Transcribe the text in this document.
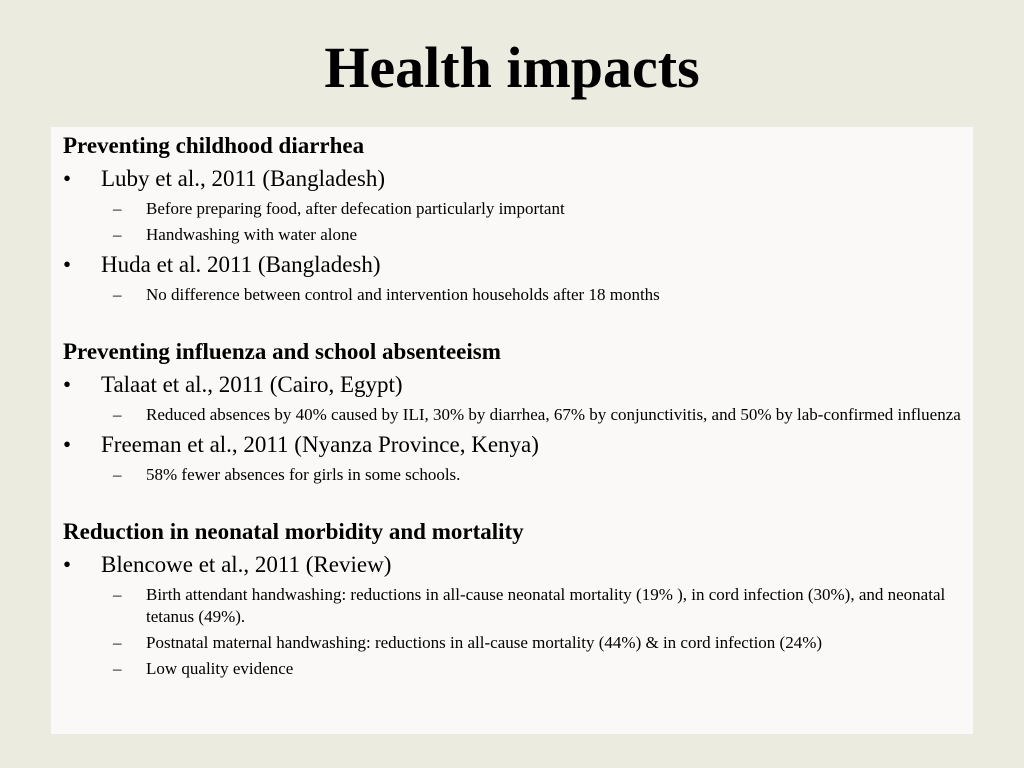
Health impacts
Preventing childhood diarrhea
•	Luby et al., 2011 (Bangladesh)
– Before preparing food, after defecation particularly important
– Handwashing with water alone
•	Huda et al. 2011 (Bangladesh)
– No difference between control and intervention households after 18 months
Preventing influenza and school absenteeism
•	Talaat et al., 2011 (Cairo, Egypt)
– Reduced absences by 40% caused by ILI, 30% by diarrhea, 67% by conjunctivitis, and 50% by lab-confirmed influenza
•	Freeman et al., 2011 (Nyanza Province, Kenya)
– 58% fewer absences for girls in some schools.
Reduction in neonatal morbidity and mortality
•	Blencowe et al., 2011 (Review)
– Birth attendant handwashing: reductions in all-cause neonatal mortality (19% ), in cord infection (30%), and neonatal tetanus (49%).
– Postnatal maternal handwashing: reductions in all-cause mortality (44%) & in cord infection (24%)
– Low quality evidence
